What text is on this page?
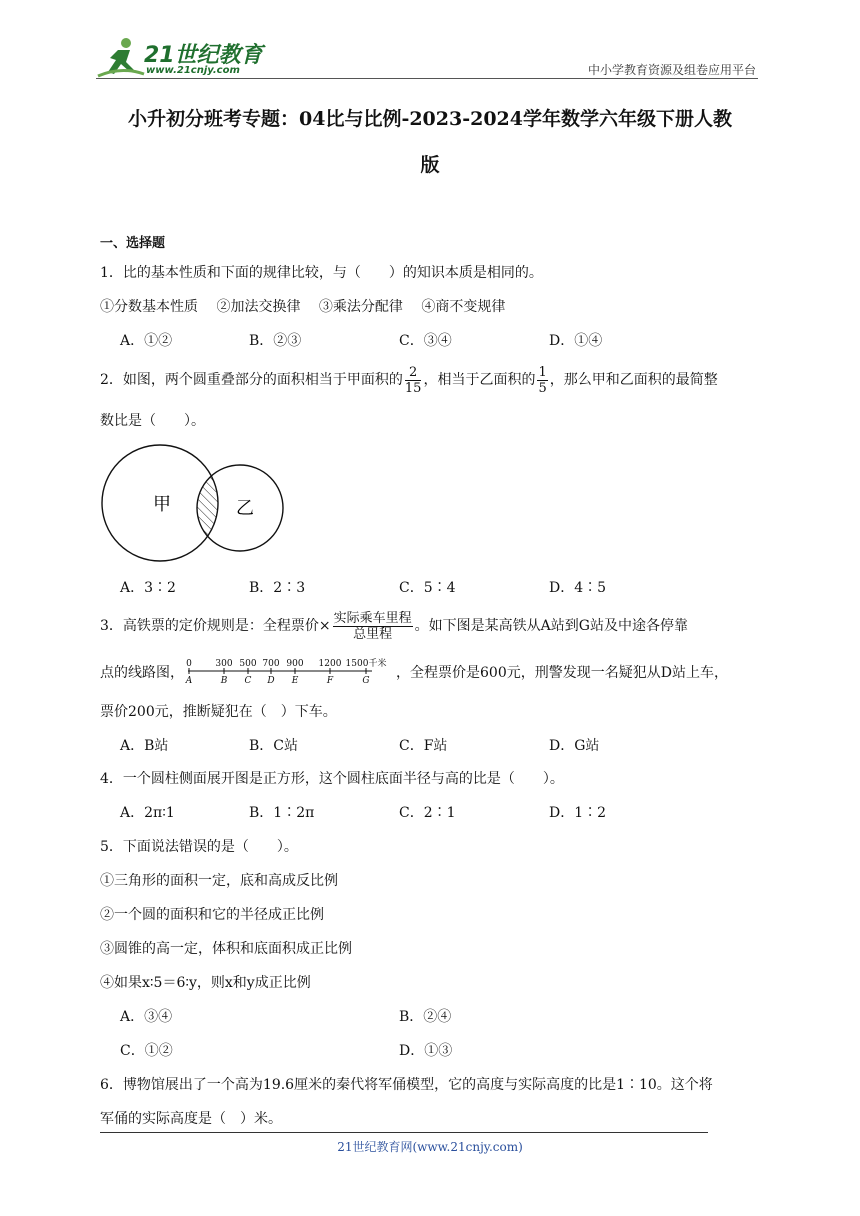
21世纪教育
www.21cnjy.com	中小学教育资源及组卷应用平台
小升初分班考专题：04比与比例-2023-2024学年数学六年级下册人教
版
一、选择题
1．比的基本性质和下面的规律比较，与（　　）的知识本质是相同的。
①分数基本性质　 ②加法交换律　 ③乘法分配律　 ④商不变规律
A．①②	B．②③	C．③④	D．①④
2．如图，两个圆重叠部分的面积相当于甲面积的 $\frac{2}{15}$ ，相当于乙面积的 $\frac{1}{5}$ ，那么甲和乙面积的最简整
数比是（　　）。
甲	乙
A．3∶2	B．2∶3	C．5∶4	D．4∶5
3．高铁票的定价规则是：全程票价× $\frac{\text{实际乘车里程}}{\text{总里程}}$ 。如下图是某高铁从A站到G站及中途各停靠
点的线路图，
0	300 500 700 900 1200 1500千米
A	B C D E	F	G ，全程票价是600元，刑警发现一名疑犯从D站上车，
票价200元，推断疑犯在（　）下车。
A．B站	B．C站	C．F站	D．G站
4．一个圆柱侧面展开图是正方形，这个圆柱底面半径与高的比是（　　）。
A．2π∶1	B．1∶2π	C．2∶1	D．1∶2
5．下面说法错误的是（　　）。
①三角形的面积一定，底和高成反比例
②一个圆的面积和它的半径成正比例
③圆锥的高一定，体积和底面积成正比例
④如果x∶5＝6∶y，则x和y成正比例
A．③④	B．②④
C．①②	D．①③
6．博物馆展出了一个高为19.6厘米的秦代将军俑模型，它的高度与实际高度的比是1∶10。这个将
军俑的实际高度是（　）米。
21世纪教育网(www.21cnjy.com)
